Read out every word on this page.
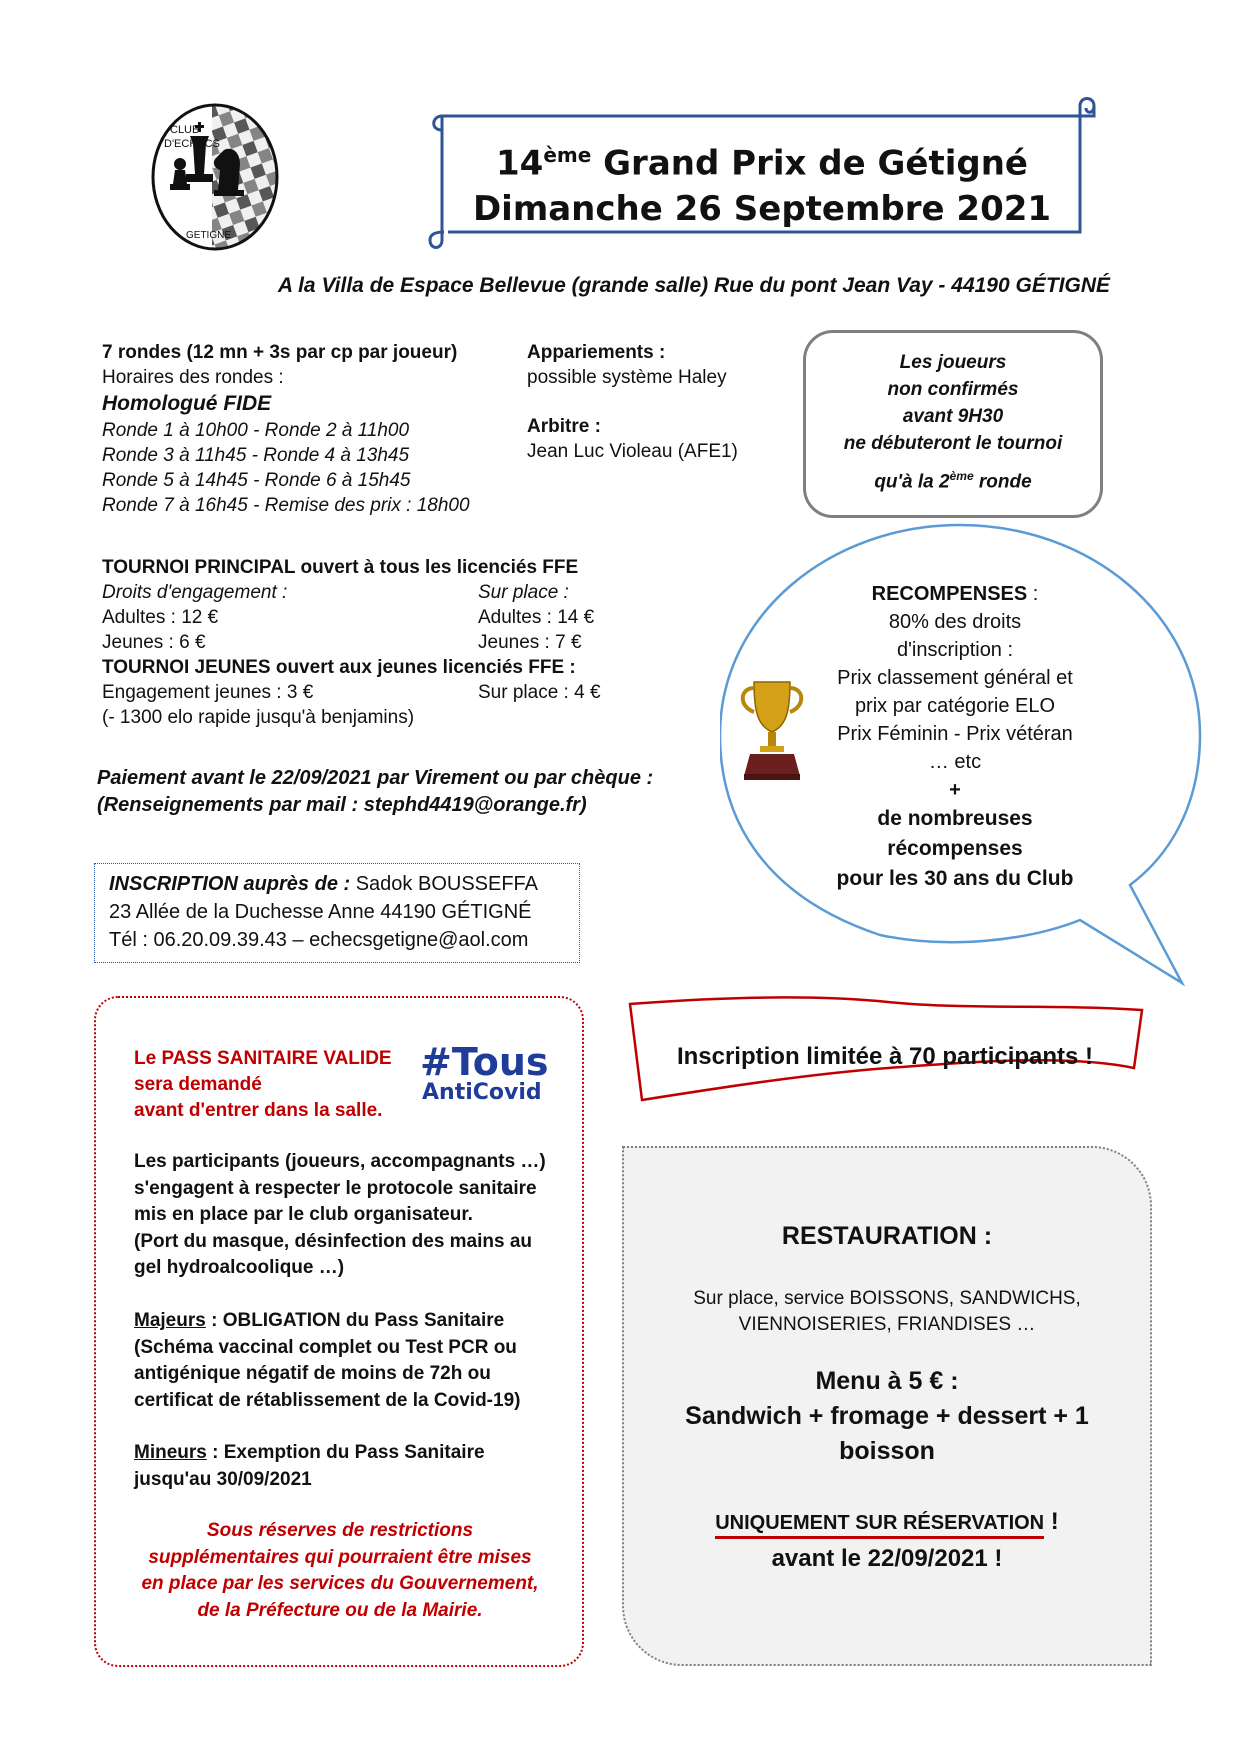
CLUB
D'ECHECS
GETIGNE
14ème Grand Prix de Gétigné
Dimanche 26 Septembre 2021
A la Villa de Espace Bellevue (grande salle) Rue du pont Jean Vay - 44190 GÉTIGNÉ
7 rondes (12 mn + 3s par cp par joueur)
Horaires des rondes :
Homologué FIDE
Ronde 1 à 10h00 - Ronde 2 à 11h00
Ronde 3 à 11h45 - Ronde 4 à 13h45
Ronde 5 à 14h45 - Ronde 6 à 15h45
Ronde 7 à 16h45 - Remise des prix : 18h00
Appariements :
possible système Haley
Arbitre :
Jean Luc Violeau (AFE1)
Les joueurs
non confirmés
avant 9H30
ne débuteront le tournoi
qu'à la 2ème ronde
TOURNOI PRINCIPAL ouvert à tous les licenciés FFE
Droits d'engagement :	Sur place :
Adultes : 12 €	Adultes : 14 €
Jeunes : 6 €	Jeunes : 7 €
TOURNOI JEUNES ouvert aux jeunes licenciés FFE :
Engagement jeunes : 3 €	Sur place : 4 €
(- 1300 elo rapide jusqu'à benjamins)
Paiement avant le 22/09/2021 par Virement ou par chèque :
(Renseignements par mail : stephd4419@orange.fr)
RECOMPENSES :
80% des droits
d'inscription :
Prix classement général et
prix par catégorie ELO
Prix Féminin - Prix vétéran
… etc
+
de nombreuses
récompenses
pour les 30 ans du Club
INSCRIPTION auprès de : Sadok BOUSSEFFA
23 Allée de la Duchesse Anne 44190 GÉTIGNÉ
Tél : 06.20.09.39.43 – echecsgetigne@aol.com
Inscription limitée à 70 participants !
Le PASS SANITAIRE VALIDE
sera demandé
avant d'entrer dans la salle.
#Tous
AntiCovid
Les participants (joueurs, accompagnants …)
s'engagent à respecter le protocole sanitaire
mis en place par le club organisateur.
(Port du masque, désinfection des mains au
gel hydroalcoolique …)
Majeurs : OBLIGATION du Pass Sanitaire
(Schéma vaccinal complet ou Test PCR ou
antigénique négatif de moins de 72h ou
certificat de rétablissement de la Covid-19)
Mineurs : Exemption du Pass Sanitaire
jusqu'au 30/09/2021
Sous réserves de restrictions
supplémentaires qui pourraient être mises
en place par les services du Gouvernement,
de la Préfecture ou de la Mairie.
RESTAURATION :
Sur place, service BOISSONS, SANDWICHS,
VIENNOISERIES, FRIANDISES …
Menu à 5 € :
Sandwich + fromage + dessert + 1
boisson
UNIQUEMENT SUR RÉSERVATION !
avant le 22/09/2021 !
